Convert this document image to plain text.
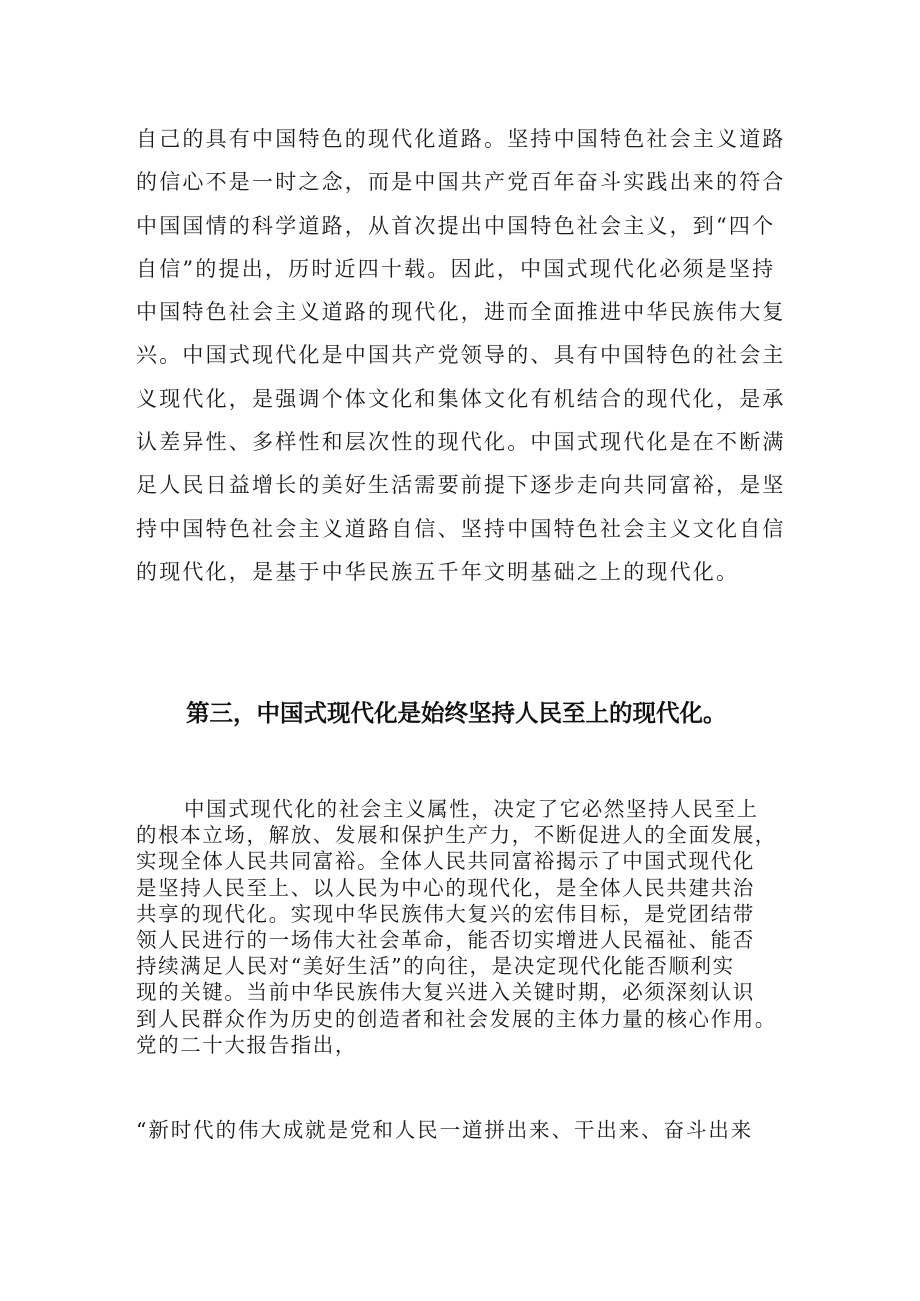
自己的具有中国特色的现代化道路。坚持中国特色社会主义道路
的信心不是一时之念，而是中国共产党百年奋斗实践出来的符合
中国国情的科学道路，从首次提出中国特色社会主义，到“四个
自信”的提出，历时近四十载。因此，中国式现代化必须是坚持
中国特色社会主义道路的现代化，进而全面推进中华民族伟大复
兴。中国式现代化是中国共产党领导的、具有中国特色的社会主
义现代化，是强调个体文化和集体文化有机结合的现代化，是承
认差异性、多样性和层次性的现代化。中国式现代化是在不断满
足人民日益增长的美好生活需要前提下逐步走向共同富裕，是坚
持中国特色社会主义道路自信、坚持中国特色社会主义文化自信
的现代化，是基于中华民族五千年文明基础之上的现代化。
第三，中国式现代化是始终坚持人民至上的现代化。
中国式现代化的社会主义属性，决定了它必然坚持人民至上
的根本立场，解放、发展和保护生产力，不断促进人的全面发展，
实现全体人民共同富裕。全体人民共同富裕揭示了中国式现代化
是坚持人民至上、以人民为中心的现代化，是全体人民共建共治
共享的现代化。实现中华民族伟大复兴的宏伟目标，是党团结带
领人民进行的一场伟大社会革命，能否切实增进人民福祉、能否
持续满足人民对“美好生活”的向往，是决定现代化能否顺利实
现的关键。当前中华民族伟大复兴进入关键时期，必须深刻认识
到人民群众作为历史的创造者和社会发展的主体力量的核心作用。
党的二十大报告指出，
“新时代的伟大成就是党和人民一道拼出来、干出来、奋斗出来
